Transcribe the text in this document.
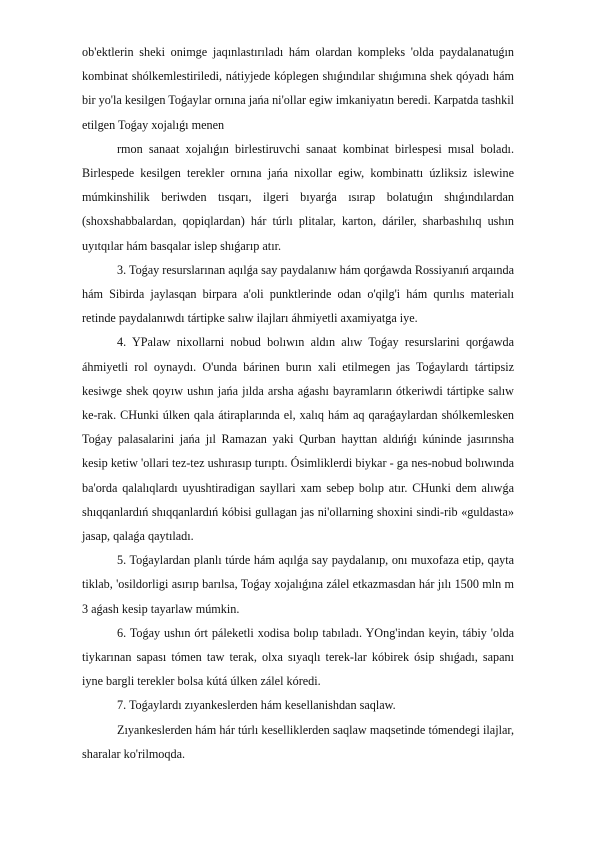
ob'ektlerin sheki onimge jaqınlastırıladı hám olardan kompleks 'olda paydalanatuǵın kombinat shólkemlestiriledi, nátiyjede kóplegen shıǵındılar shıǵımına shek qóyadı hám bir yo'la kesilgen Toǵaylar ornına jańa ni'ollar egiw imkaniyatın beredi. Karpatda tashkil etilgen Toǵay xojalıǵı menen

rmon sanaat xojalıǵın birlestiruvchi sanaat kombinat birlespesi mısal boladı. Birlespede kesilgen terekler ornına jańa nixollar egiw, kombinattı úzliksiz islewine múmkinshilik beriwden tısqarı, ilgeri bıyarǵa ısırap bolatuǵın shıǵındılardan (shoxshabbalardan, qopiqlardan) hár túrlı plitalar, karton, dáriler, sharbashılıq ushın uyıtqılar hám basqalar islep shıǵarıp atır.

3. Toǵay resurslarınan aqılǵa say paydalanıw hám qorǵawda Rossiyanıń arqaında hám Sibirda jaylasqan birpara a'oli punktlerinde odan o'qilg'i hám qurılıs materialı retinde paydalanıwdı tártipke salıw ilajları áhmiyetli axamiyatga iye.

4. YPalaw nixollarni nobud bolıwın aldın alıw Toǵay resurslarini qorǵawda áhmiyetli rol oynaydı. O'unda bárinen burın xali etilmegen jas Toǵaylardı tártipsiz kesiwge shek qoyıw ushın jańa jılda arsha aǵashı bayramların ótkeriwdi tártipke salıw ke-rak. CHunki úlken qala átiraplarında el, xalıq hám aq qaraǵaylardan shólkemlesken Toǵay palasalarini jańa jıl Ramazan yaki Qurban hayttan aldıńǵı kúninde jasırınsha kesip ketiw 'ollari tez-tez ushırasıp turıptı. Ósimliklerdi biykar - ga nes-nobud bolıwında ba'orda qalalıqlardı uyushtiradigan sayllari xam sebep bolıp atır. CHunki dem alıwǵa shıqqanlardıń shıqqanlardıń kóbisi gullagan jas ni'ollarning shoxini sindi-rib «guldasta» jasap, qalaǵa qaytıladı.

5. Toǵaylardan planlı túrde hám aqılǵa say paydalanıp, onı muxofaza etip, qayta tiklab, 'osildorligi asırıp barılsa, Toǵay xojalıǵına zálel etkazmasdan hár jılı 1500 mln m 3 aǵash kesip tayarlaw múmkin.

6. Toǵay ushın órt páleketli xodisa bolıp tabıladı. YOng'indan keyin, tábiy 'olda tiykarınan sapası tómen taw terak, olxa sıyaqlı terek-lar kóbirek ósip shıǵadı, sapanı iyne bargli terekler bolsa kútá úlken zálel kóredi.

7. Toǵaylardı zıyankeslerden hám kesellanishdan saqlaw.

Zıyankeslerden hám hár túrlı keselliklerden saqlaw maqsetinde tómendegi ilajlar, sharalar ko'rilmoqda.
